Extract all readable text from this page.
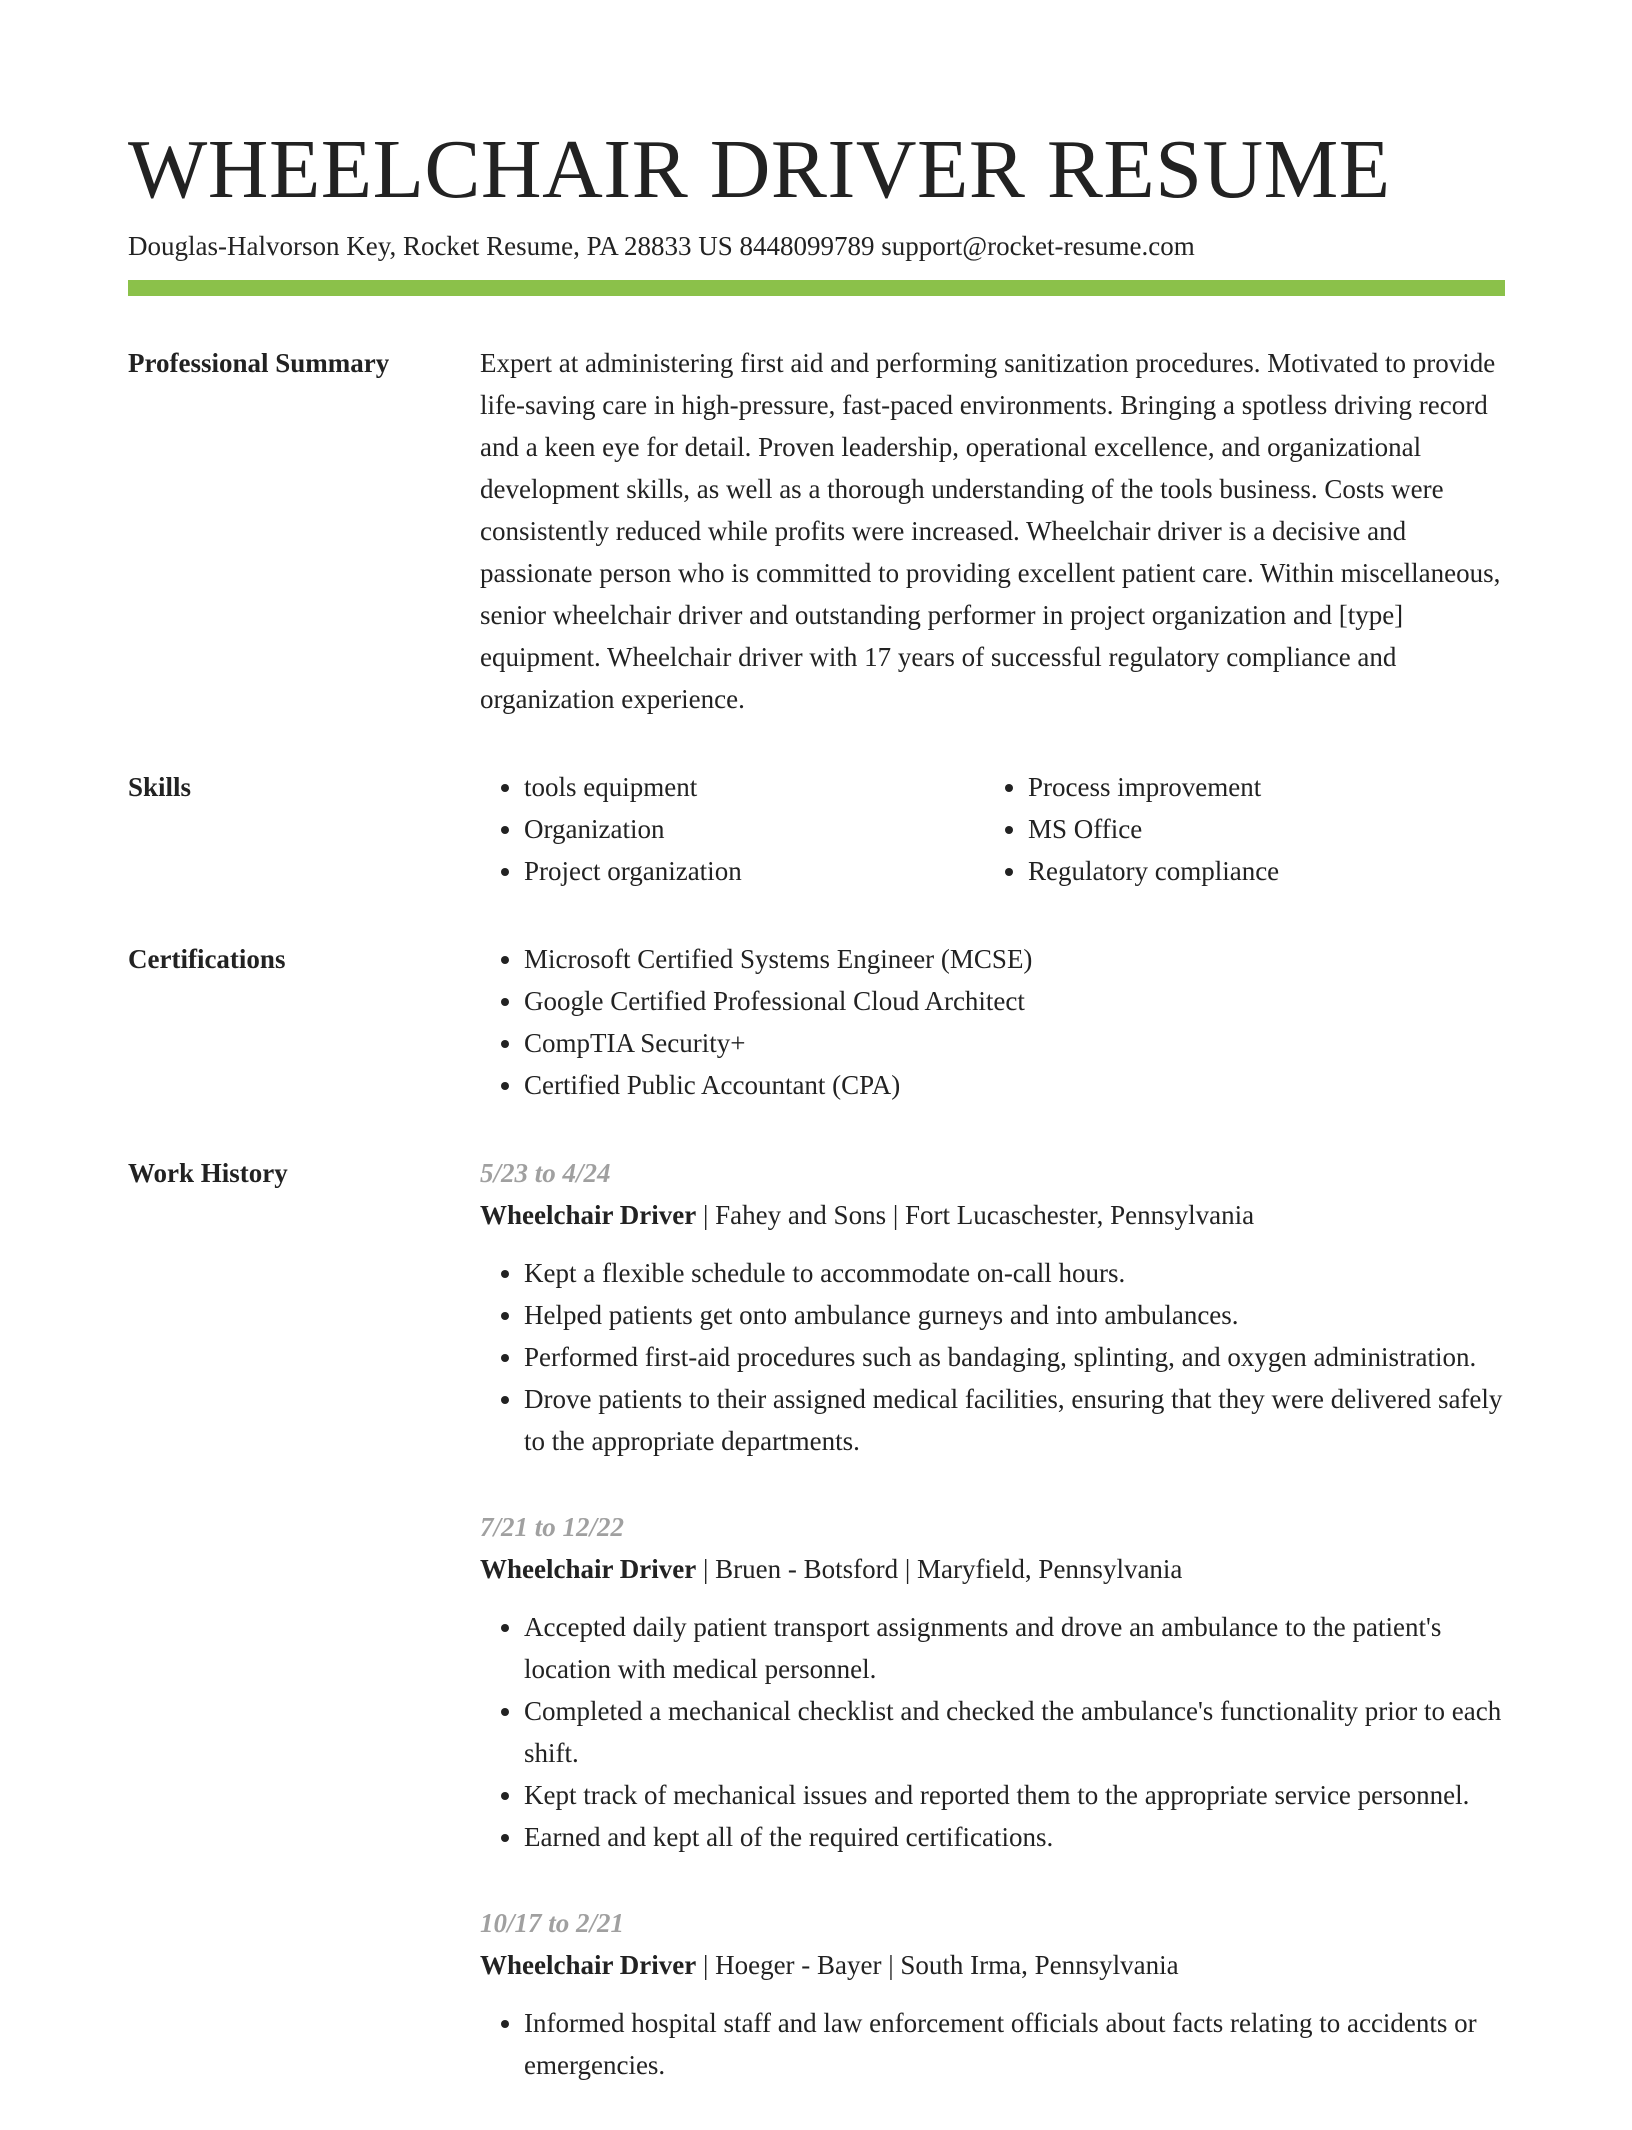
WHEELCHAIR DRIVER RESUME
Douglas-Halvorson Key, Rocket Resume, PA 28833 US 8448099789 support@rocket-resume.com
Professional Summary	Expert at administering first aid and performing sanitization procedures. Motivated to provide life-saving care in high-pressure, fast-paced environments. Bringing a spotless driving record and a keen eye for detail. Proven leadership, operational excellence, and organizational development skills, as well as a thorough understanding of the tools business. Costs were consistently reduced while profits were increased. Wheelchair driver is a decisive and passionate person who is committed to providing excellent patient care. Within miscellaneous, senior wheelchair driver and outstanding performer in project organization and [type] equipment. Wheelchair driver with 17 years of successful regulatory compliance and organization experience.

Skills	• tools equipment
• Organization
• Project organization
• Process improvement
• MS Office
• Regulatory compliance
Certifications	• Microsoft Certified Systems Engineer (MCSE)
• Google Certified Professional Cloud Architect
• CompTIA Security+
• Certified Public Accountant (CPA)
Work History	5/23 to 4/24
Wheelchair Driver | Fahey and Sons | Fort Lucaschester, Pennsylvania
• Kept a flexible schedule to accommodate on-call hours.
• Helped patients get onto ambulance gurneys and into ambulances.
• Performed first-aid procedures such as bandaging, splinting, and oxygen administration.
• Drove patients to their assigned medical facilities, ensuring that they were delivered safely to the appropriate departments.
7/21 to 12/22
Wheelchair Driver | Bruen - Botsford | Maryfield, Pennsylvania
• Accepted daily patient transport assignments and drove an ambulance to the patient's location with medical personnel.
• Completed a mechanical checklist and checked the ambulance's functionality prior to each shift.
• Kept track of mechanical issues and reported them to the appropriate service personnel.
• Earned and kept all of the required certifications.
10/17 to 2/21
Wheelchair Driver | Hoeger - Bayer | South Irma, Pennsylvania
• Informed hospital staff and law enforcement officials about facts relating to accidents or emergencies.
